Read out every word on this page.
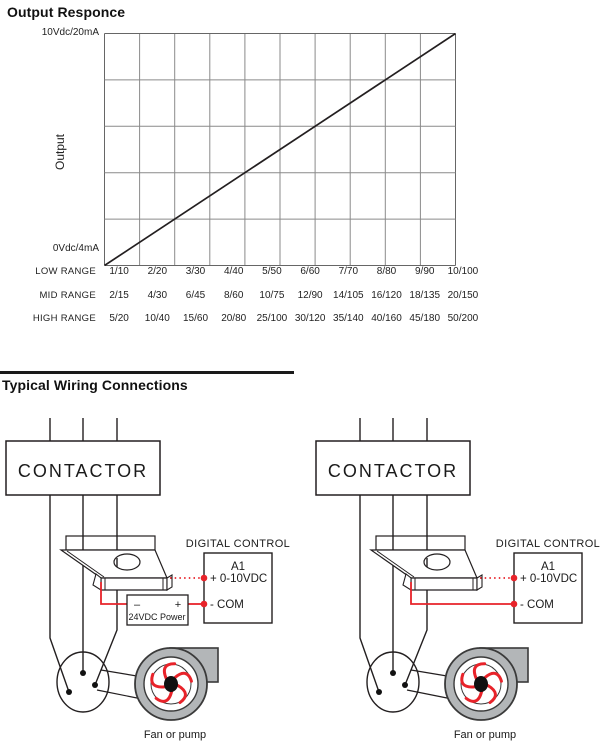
Output Responce
10Vdc/20mA
0Vdc/4mA
Output
LOW RANGE	1/10	2/20	3/30	4/40	5/50	6/60	7/70	8/80	9/90	10/100
MID RANGE	2/15	4/30	6/45	8/60	10/75	12/90	14/105 16/120 18/135 20/150
HIGH RANGE	5/20	10/40	15/60	20/80	25/100 30/120 35/140 40/160 45/180 50/200
Typical Wiring Connections
–	+
24VDC Power
CONTACTOR
DIGITAL CONTROL
A1
+ 0-10VDC
- COM
Fan or pump
CONTACTOR
DIGITAL CONTROL
A1
+ 0-10VDC
- COM
Fan or pump
